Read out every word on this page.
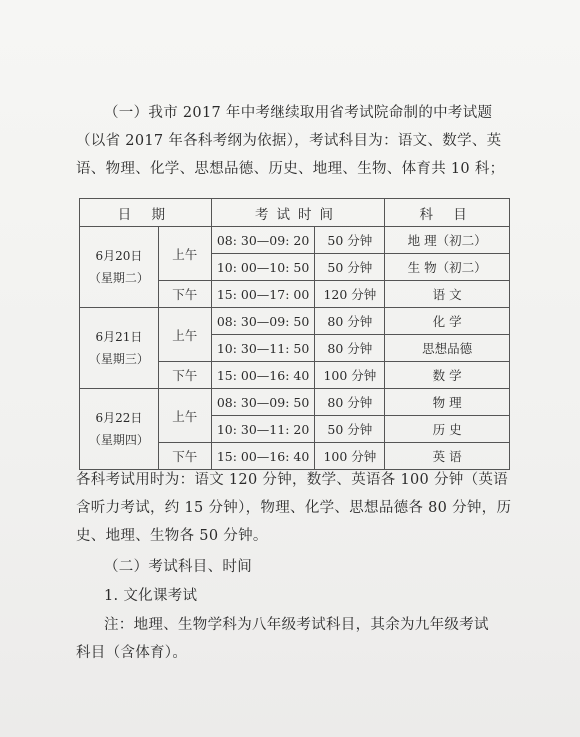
（一）我市 2017 年中考继续取用省考试院命制的中考试题
（以省 2017 年各科考纲为依据），考试科目为：语文、数学、英
语、物理、化学、思想品德、历史、地理、生物、体育共 10 科；
日 期		考试时间		科 目

6月20日
（星期二）	上午	08: 30—09: 20	50 分钟	地 理（初二）
		10: 00—10: 50	50 分钟	生 物（初二）
	下午	15: 00—17: 00	120 分钟	语 文

6月21日
（星期三）	上午	08: 30—09: 50	80 分钟	化 学
		10: 30—11: 50	80 分钟	思想品德
	下午	15: 00—16: 40	100 分钟	数 学

6月22日
（星期四）	上午	08: 30—09: 50	80 分钟	物 理
		10: 30—11: 20	50 分钟	历 史
	下午	15: 00—16: 40	100 分钟	英 语
各科考试用时为：语文 120 分钟，数学、英语各 100 分钟（英语
含听力考试，约 15 分钟），物理、化学、思想品德各 80 分钟，历
史、地理、生物各 50 分钟。
（二）考试科目、时间
1. 文化课考试
注：地理、生物学科为八年级考试科目，其余为九年级考试
科目（含体育）。
